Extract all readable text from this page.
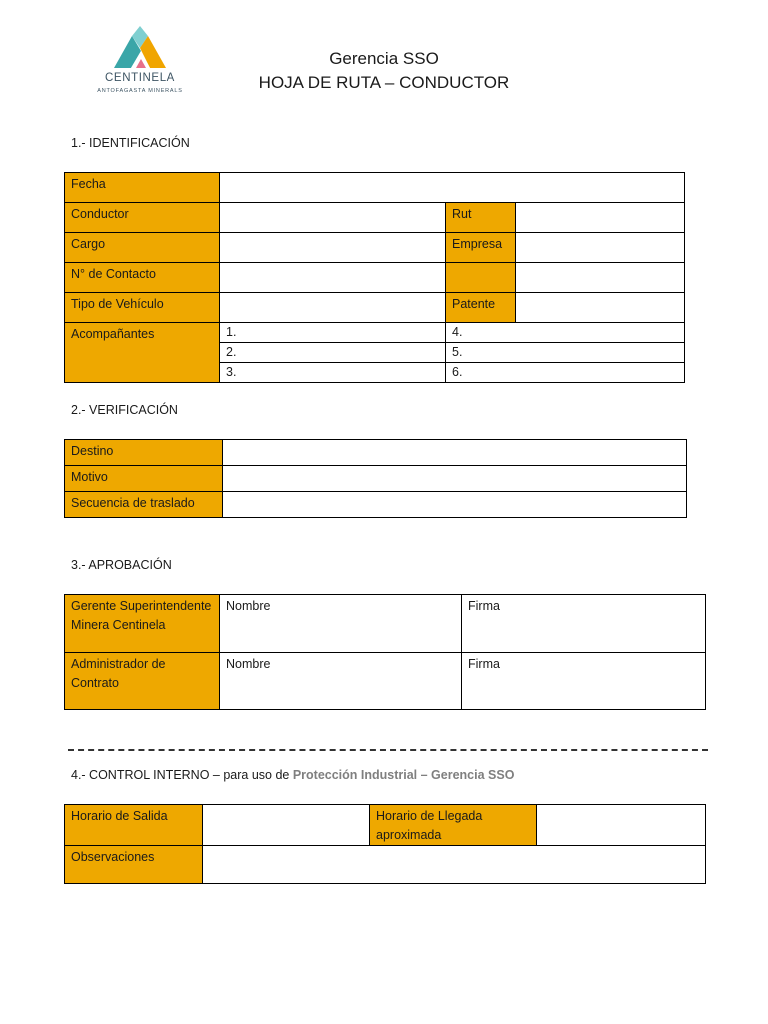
CENTINELA
ANTOFAGASTA MINERALS
Gerencia SSO
HOJA DE RUTA – CONDUCTOR
1.- IDENTIFICACIÓN
Fecha			
Conductor		Rut	
Cargo		Empresa	
N° de Contacto			
Tipo de Vehículo		Patente	
Acompañantes	1.	4.	
	2.	5.	
	3.	6.	
2.- VERIFICACIÓN
Destino	
Motivo	
Secuencia de traslado	
3.- APROBACIÓN
Gerente Superintendente Minera Centinela	Nombre	Firma
Administrador de Contrato	Nombre	Firma
4.- CONTROL INTERNO – para uso de Protección Industrial – Gerencia SSO
Horario de Salida		Horario de Llegada aproximada	
Observaciones			
